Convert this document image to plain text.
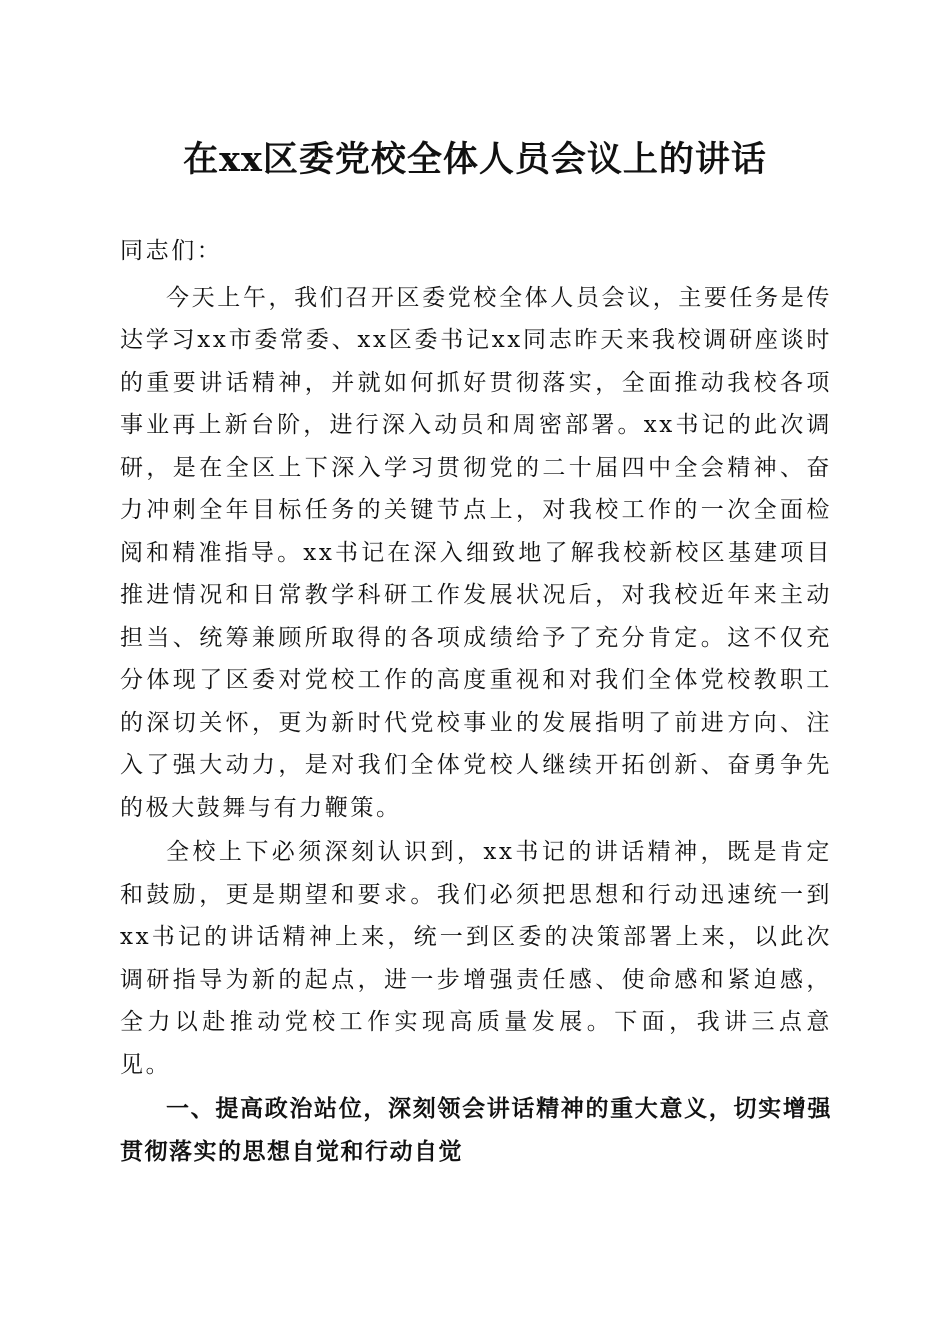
在xx区委党校全体人员会议上的讲话

同志们：

今天上午，我们召开区委党校全体人员会议，主要任务是传达学习xx市委常委、xx区委书记xx同志昨天来我校调研座谈时的重要讲话精神，并就如何抓好贯彻落实，全面推动我校各项事业再上新台阶，进行深入动员和周密部署。xx书记的此次调研，是在全区上下深入学习贯彻党的二十届四中全会精神、奋力冲刺全年目标任务的关键节点上，对我校工作的一次全面检阅和精准指导。xx书记在深入细致地了解我校新校区基建项目推进情况和日常教学科研工作发展状况后，对我校近年来主动担当、统筹兼顾所取得的各项成绩给予了充分肯定。这不仅充分体现了区委对党校工作的高度重视和对我们全体党校教职工的深切关怀，更为新时代党校事业的发展指明了前进方向、注入了强大动力，是对我们全体党校人继续开拓创新、奋勇争先的极大鼓舞与有力鞭策。

全校上下必须深刻认识到，xx书记的讲话精神，既是肯定和鼓励，更是期望和要求。我们必须把思想和行动迅速统一到xx书记的讲话精神上来，统一到区委的决策部署上来，以此次调研指导为新的起点，进一步增强责任感、使命感和紧迫感，全力以赴推动党校工作实现高质量发展。下面，我讲三点意见。

一、提高政治站位，深刻领会讲话精神的重大意义，切实增强贯彻落实的思想自觉和行动自觉
